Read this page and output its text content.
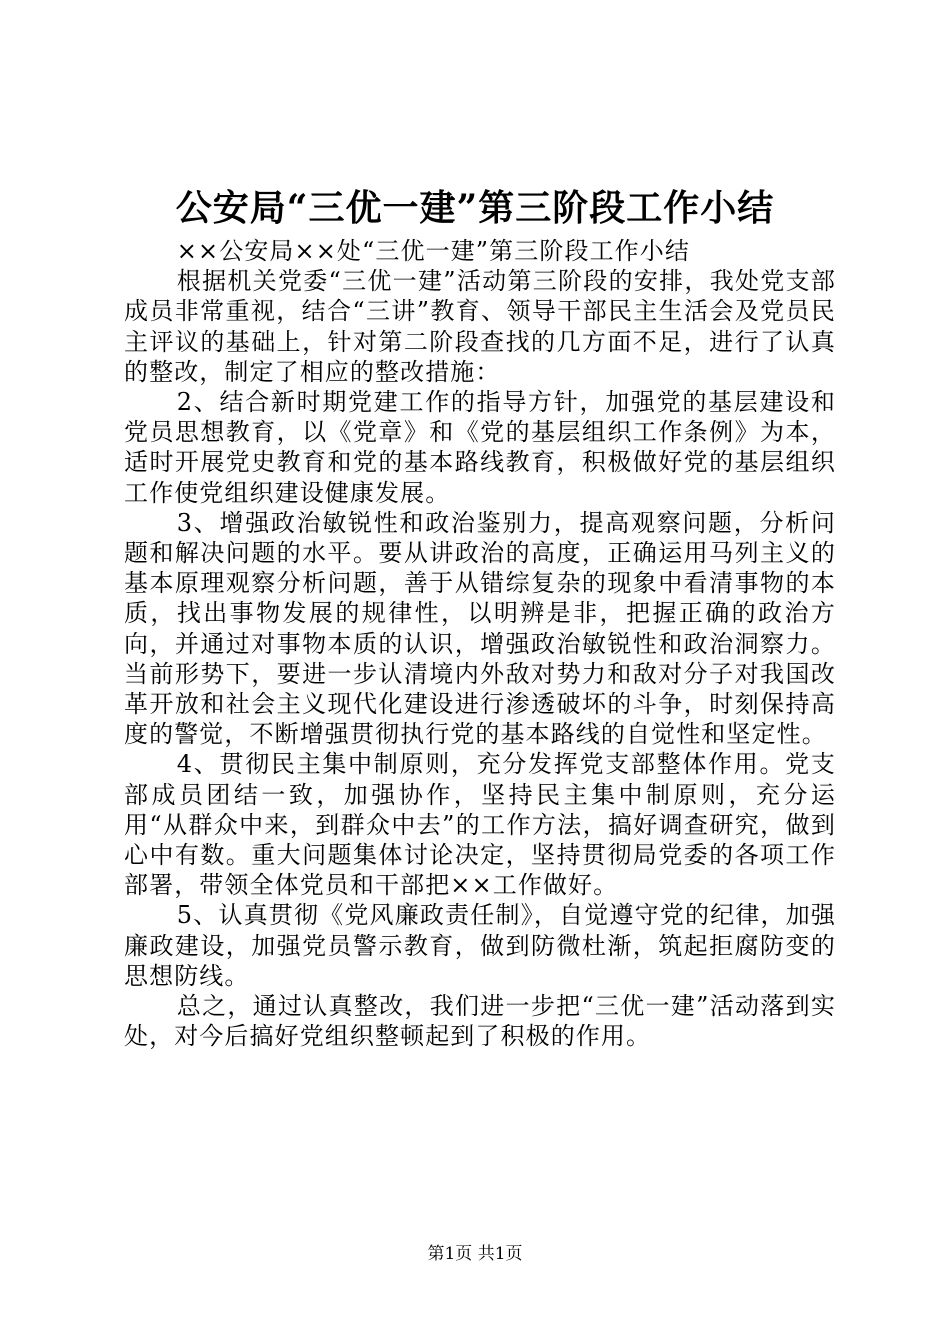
公安局“三优一建”第三阶段工作小结

××公安局××处“三优一建”第三阶段工作小结

根据机关党委“三优一建”活动第三阶段的安排，我处党支部成员非常重视，结合“三讲”教育、领导干部民主生活会及党员民主评议的基础上，针对第二阶段查找的几方面不足，进行了认真的整改，制定了相应的整改措施：

2、结合新时期党建工作的指导方针，加强党的基层建设和党员思想教育，以《党章》和《党的基层组织工作条例》为本，适时开展党史教育和党的基本路线教育，积极做好党的基层组织工作使党组织建设健康发展。

3、增强政治敏锐性和政治鉴别力，提高观察问题，分析问题和解决问题的水平。要从讲政治的高度，正确运用马列主义的基本原理观察分析问题，善于从错综复杂的现象中看清事物的本质，找出事物发展的规律性，以明辨是非，把握正确的政治方向，并通过对事物本质的认识，增强政治敏锐性和政治洞察力。当前形势下，要进一步认清境内外敌对势力和敌对分子对我国改革开放和社会主义现代化建设进行渗透破坏的斗争，时刻保持高度的警觉，不断增强贯彻执行党的基本路线的自觉性和坚定性。

4、贯彻民主集中制原则，充分发挥党支部整体作用。党支部成员团结一致，加强协作，坚持民主集中制原则，充分运用“从群众中来，到群众中去”的工作方法，搞好调查研究，做到心中有数。重大问题集体讨论决定，坚持贯彻局党委的各项工作部署，带领全体党员和干部把××工作做好。

5、认真贯彻《党风廉政责任制》，自觉遵守党的纪律，加强廉政建设，加强党员警示教育，做到防微杜渐，筑起拒腐防变的思想防线。

总之，通过认真整改，我们进一步把“三优一建”活动落到实处，对今后搞好党组织整顿起到了积极的作用。

第1页 共1页
